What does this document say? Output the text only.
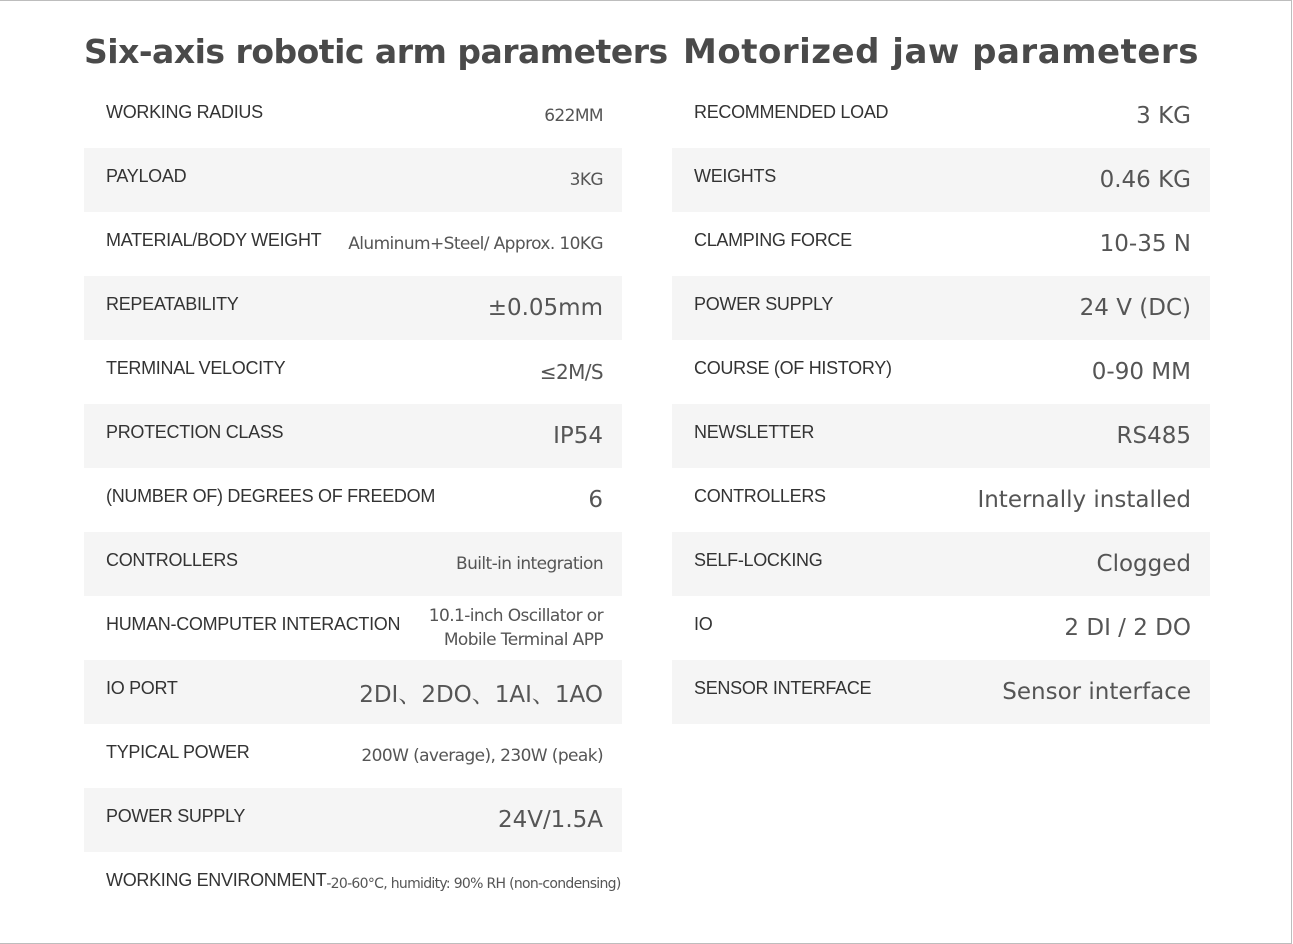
Six-axis robotic arm parameters
WORKING RADIUS	622MM
PAYLOAD	3KG
MATERIAL/BODY WEIGHT Aluminum+Steel/ Approx. 10KG
REPEATABILITY	±0.05mm
TERMINAL VELOCITY	≤2M/S
PROTECTION CLASS	IP54
(NUMBER OF) DEGREES OF FREEDOM	6
CONTROLLERS	Built-in integration
HUMAN-COMPUTER INTERACTION	10.1-inch Oscillator or Mobile Terminal APP
IO PORT	2DI、2DO、1AI、1AO
TYPICAL POWER	200W (average), 230W (peak)
POWER SUPPLY	24V/1.5A
WORKING ENVIRONMENT -20-60°C, humidity: 90% RH (non-condensing)
Motorized jaw parameters
RECOMMENDED LOAD	3 KG
WEIGHTS	0.46 KG
CLAMPING FORCE	10-35 N
POWER SUPPLY	24 V (DC)
COURSE (OF HISTORY)	0-90 MM
NEWSLETTER	RS485
CONTROLLERS	Internally installed
SELF-LOCKING	Clogged
IO	2 DI / 2 DO
SENSOR INTERFACE	Sensor interface
